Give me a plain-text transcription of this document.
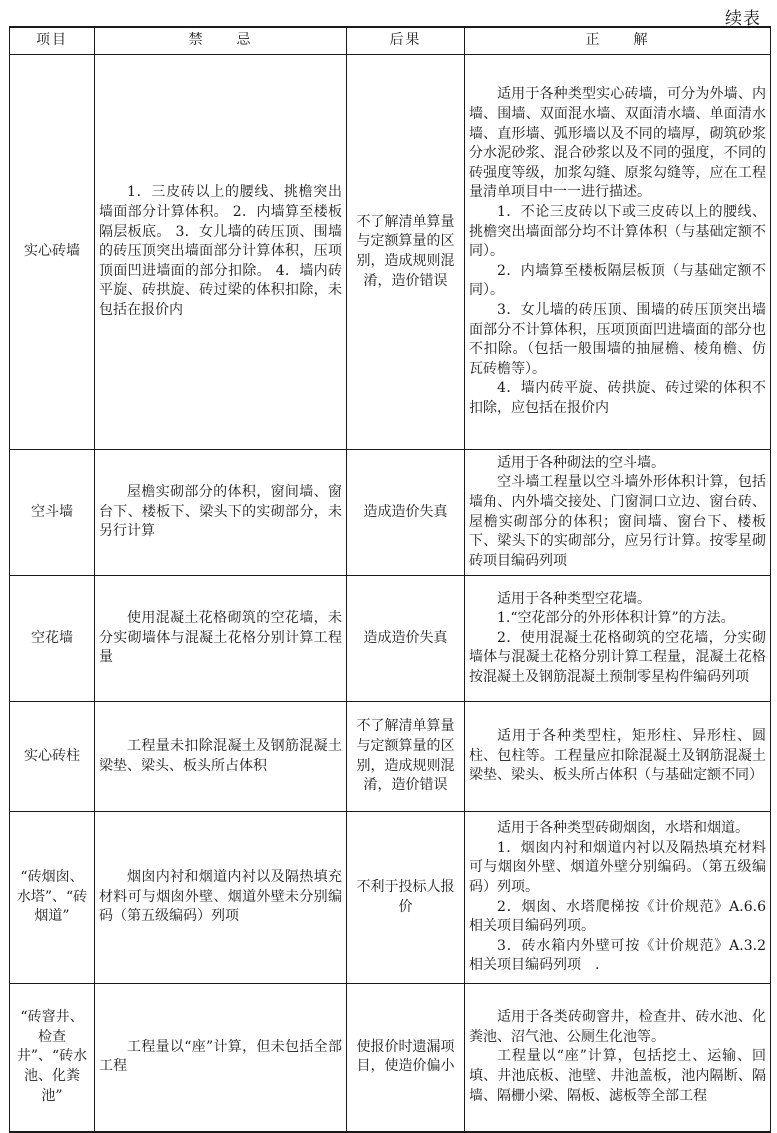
续表
项目	禁　　忌	后果	正　　解
实心砖墙	1．三皮砖以上的腰线、挑檐突出墙面部分计算体积。 2．内墙算至楼板隔层板底。 3．女儿墙的砖压顶、围墙的砖压顶突出墙面部分计算体积，压项顶面凹进墙面的部分扣除。 4．墙内砖平旋、砖拱旋、砖过梁的体积扣除，未包括在报价内	不了解清单算量与定额算量的区别，造成规则混淆，造价错误	适用于各种类型实心砖墙，可分为外墙、内墙、围墙、双面混水墙、双面清水墙、单面清水墙、直形墙、弧形墙以及不同的墙厚，砌筑砂浆分水泥砂浆、混合砂浆以及不同的强度，不同的砖强度等级，加浆勾缝、原浆勾缝等，应在工程量清单项目中一一进行描述。

1．不论三皮砖以下或三皮砖以上的腰线、挑檐突出墙面部分均不计算体积（与基础定额不同）。

2．内墙算至楼板隔层板顶（与基础定额不同）。

3．女儿墙的砖压顶、围墙的砖压顶突出墙面部分不计算体积，压项顶面凹进墙面的部分也不扣除。（包括一般围墙的抽屉檐、棱角檐、仿瓦砖檐等）。

4．墙内砖平旋、砖拱旋、砖过梁的体积不扣除，应包括在报价内

空斗墙	屋檐实砌部分的体积，窗间墙、窗台下、楼板下、梁头下的实砌部分，未另行计算	造成造价失真	适用于各种砌法的空斗墙。

空斗墙工程量以空斗墙外形体积计算，包括墙角、内外墙交接处、门窗洞口立边、窗台砖、屋檐实砌部分的体积；窗间墙、窗台下、楼板下、梁头下的实砌部分，应另行计算。按零星砌砖项目编码列项

空花墙	使用混凝土花格砌筑的空花墙，未分实砌墙体与混凝土花格分别计算工程量	造成造价失真	适用于各种类型空花墙。

1.“空花部分的外形体积计算”的方法。

2．使用混凝土花格砌筑的空花墙，分实砌墙体与混凝土花格分别计算工程量，混凝土花格按混凝土及钢筋混凝土预制零星构件编码列项

实心砖柱	工程量未扣除混凝土及钢筋混凝土梁垫、梁头、板头所占体积	不了解清单算量与定额算量的区别，造成规则混淆，造价错误	适用于各种类型柱，矩形柱、异形柱、圆柱、包柱等。工程量应扣除混凝土及钢筋混凝土梁垫、梁头、板头所占体积（与基础定额不同）

“砖烟囱、水塔”、“砖烟道”	烟囱内衬和烟道内衬以及隔热填充材料可与烟囱外壁、烟道外壁未分别编码（第五级编码）列项	不利于投标人报价	适用于各种类型砖砌烟囱，水塔和烟道。

1．烟囱内衬和烟道内衬以及隔热填充材料可与烟囱外壁、烟道外壁分别编码。（第五级编码）列项。

2．烟囱、水塔爬梯按《计价规范》A.6.6相关项目编码列项。

3．砖水箱内外壁可按《计价规范》A.3.2相关项目编码列项　.

“砖窨井、检查井”、“砖水池、化粪池”	工程量以“座”计算，但未包括全部工程	使报价时遗漏项目，使造价偏小	适用于各类砖砌窨井，检查井、砖水池、化粪池、沼气池、公厕生化池等。

工程量以“座”计算，包括挖土、运输、回填、井池底板、池壁、井池盖板，池内隔断、隔墙、隔栅小梁、隔板、滤板等全部工程
